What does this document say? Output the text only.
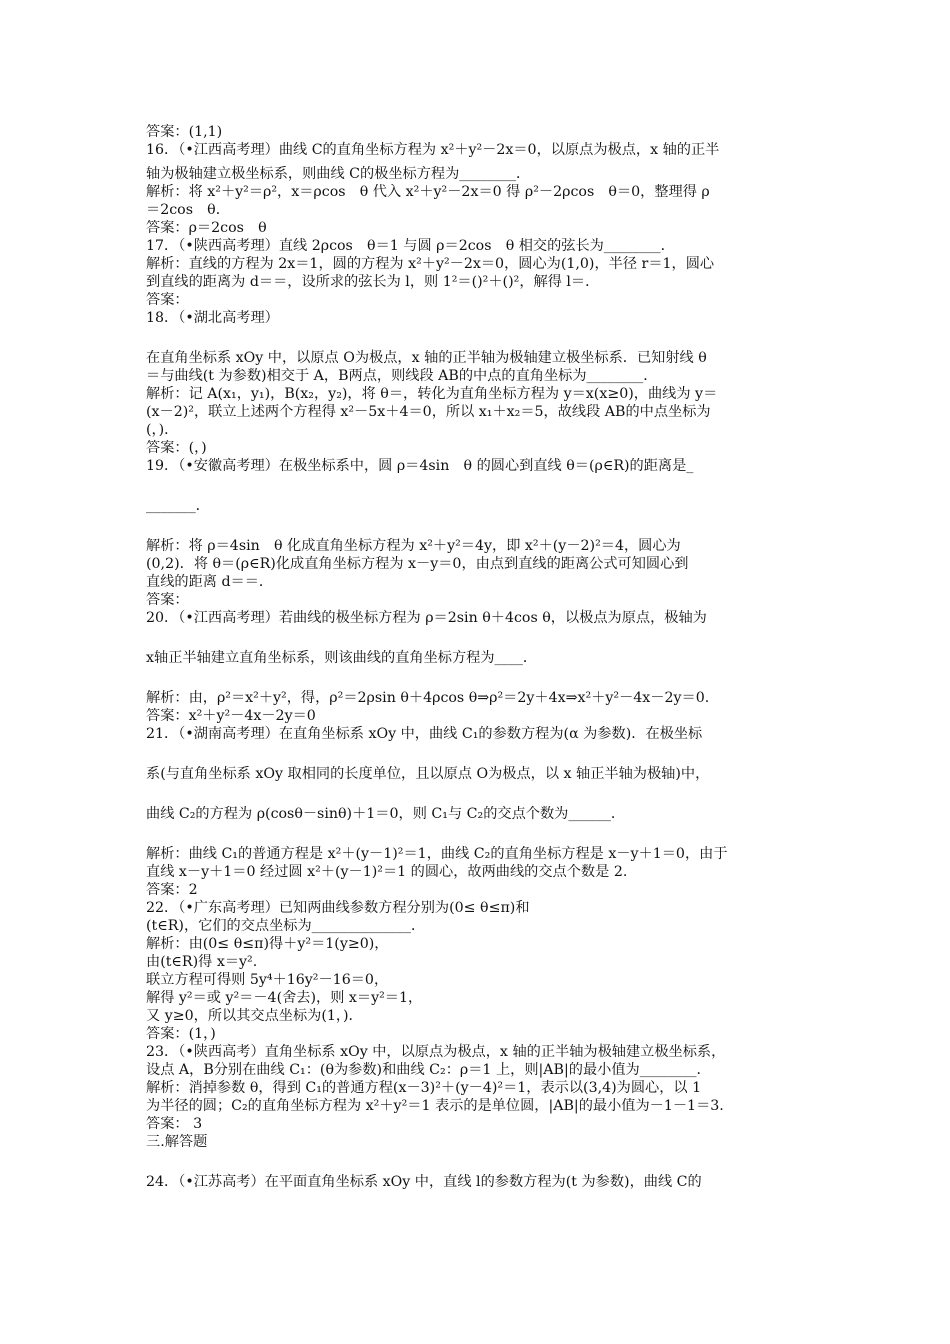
答案：(1,1)
16．（•江西高考理）曲线 C的直角坐标方程为 x²＋y²－2x＝0，以原点为极点，x 轴的正半
轴为极轴建立极坐标系，则曲线 C的极坐标方程为________．
解析：将 x²＋y²＝ρ²，x＝ρcos　θ 代入 x²＋y²－2x＝0 得 ρ²－2ρcos　θ＝0，整理得 ρ
＝2cos　θ．
答案：ρ＝2cos　θ
17．（•陕西高考理）直线 2ρcos　θ＝1 与圆 ρ＝2cos　θ 相交的弦长为________．
解析：直线的方程为 2x＝1，圆的方程为 x²＋y²－2x＝0，圆心为(1,0)，半径 r＝1，圆心
到直线的距离为 d＝＝，设所求的弦长为 l，则 1²＝()²＋()²，解得 l＝．
答案：
18．（•湖北高考理）
在直角坐标系 xOy 中，以原点 O为极点，x 轴的正半轴为极轴建立极坐标系．已知射线 θ
＝与曲线(t 为参数)相交于 A，B两点，则线段 AB的中点的直角坐标为________．
解析：记 A(x₁，y₁)，B(x₂，y₂)，将 θ＝，转化为直角坐标方程为 y＝x(x≥0)，曲线为 y＝
(x－2)²，联立上述两个方程得 x²－5x＋4＝0，所以 x₁＋x₂＝5，故线段 AB的中点坐标为
(，)．
答案：(，)
19．（•安徽高考理）在极坐标系中，圆 ρ＝4sin　θ 的圆心到直线 θ＝(ρ∈R)的距离是_
_______．
解析：将 ρ＝4sin　θ 化成直角坐标方程为 x²＋y²＝4y，即 x²＋(y－2)²＝4，圆心为
(0,2)．将 θ＝(ρ∈R)化成直角坐标方程为 x－y＝0，由点到直线的距离公式可知圆心到
直线的距离 d＝＝．
答案：
20．（•江西高考理）若曲线的极坐标方程为 ρ＝2sin θ＋4cos θ，以极点为原点，极轴为
x轴正半轴建立直角坐标系，则该曲线的直角坐标方程为____．
解析：由，ρ²＝x²＋y²，得，ρ²＝2ρsin θ＋4ρcos θ⇒ρ²＝2y＋4x⇒x²＋y²－4x－2y＝0.
答案：x²＋y²－4x－2y＝0
21．（•湖南高考理）在直角坐标系 xOy 中，曲线 C₁的参数方程为(α 为参数)．在极坐标
系(与直角坐标系 xOy 取相同的长度单位，且以原点 O为极点，以 x 轴正半轴为极轴)中，
曲线 C₂的方程为 ρ(cosθ－sinθ)＋1＝0，则 C₁与 C₂的交点个数为______．
解析：曲线 C₁的普通方程是 x²＋(y－1)²＝1，曲线 C₂的直角坐标方程是 x－y＋1＝0，由于
直线 x－y＋1＝0 经过圆 x²＋(y－1)²＝1 的圆心，故两曲线的交点个数是 2.
答案：2
22．（•广东高考理）已知两曲线参数方程分别为(0≤ θ≤π)和
(t∈R)，它们的交点坐标为______________．
解析：由(0≤ θ≤π)得＋y²＝1(y≥0)，
由(t∈R)得 x＝y².
联立方程可得则 5y⁴＋16y²－16＝0，
解得 y²＝或 y²＝－4(舍去)，则 x＝y²＝1，
又 y≥0，所以其交点坐标为(1，)．
答案：(1，)
23．（•陕西高考）直角坐标系 xOy 中，以原点为极点，x 轴的正半轴为极轴建立极坐标系，
设点 A，B分别在曲线 C₁：(θ为参数)和曲线 C₂：ρ＝1 上，则|AB|的最小值为________．
解析：消掉参数 θ，得到 C₁的普通方程(x－3)²＋(y－4)²＝1，表示以(3,4)为圆心，以 1
为半径的圆；C₂的直角坐标方程为 x²＋y²＝1 表示的是单位圆，|AB|的最小值为－1－1＝3.
答案： 3
三.解答题
24．（•江苏高考）在平面直角坐标系 xOy 中，直线 l的参数方程为(t 为参数)，曲线 C的
